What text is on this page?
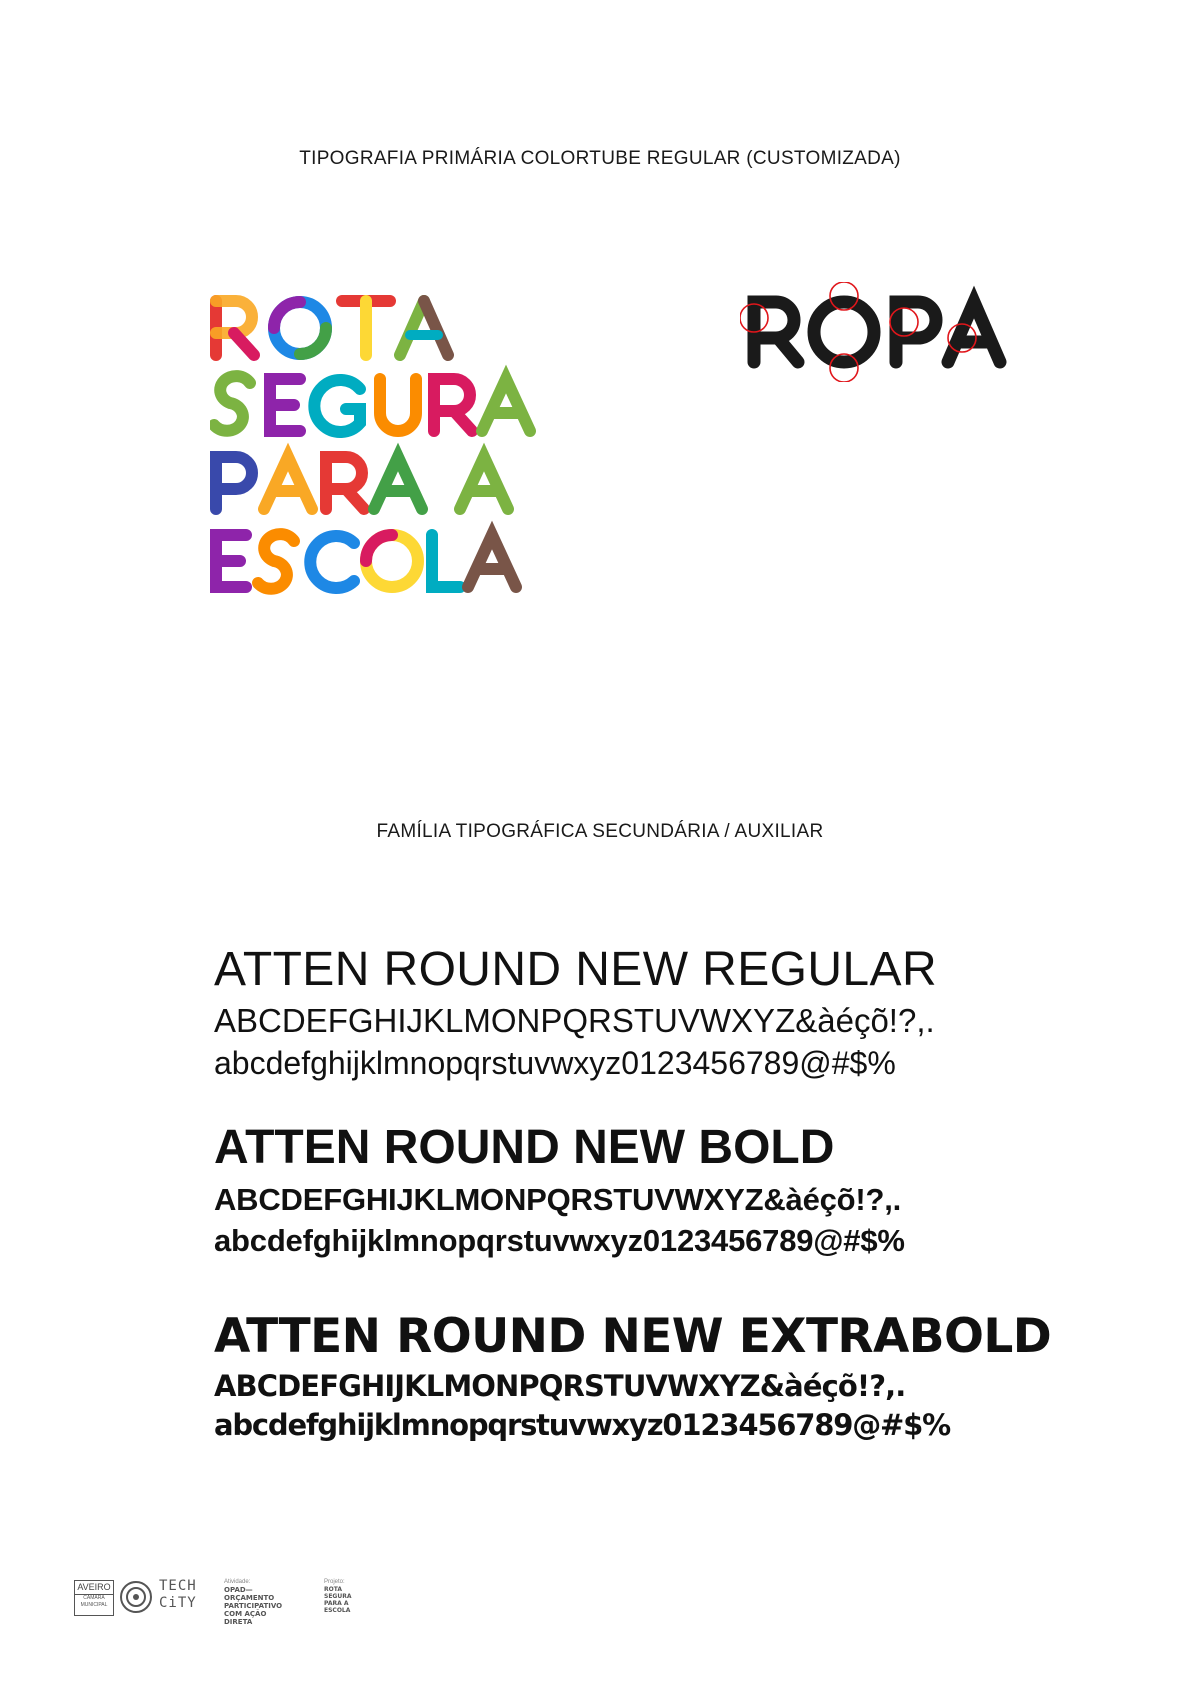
TIPOGRAFIA PRIMÁRIA COLORTUBE REGULAR (CUSTOMIZADA)
FAMÍLIA TIPOGRÁFICA SECUNDÁRIA / AUXILIAR
ATTEN ROUND NEW REGULAR
ABCDEFGHIJKLMONPQRSTUVWXYZ&àéçõ!?,.
abcdefghijklmnopqrstuvwxyz0123456789@#$%
ATTEN ROUND NEW BOLD
ABCDEFGHIJKLMONPQRSTUVWXYZ&àéçõ!?,.
abcdefghijklmnopqrstuvwxyz0123456789@#$%
ATTEN ROUND NEW EXTRABOLD
ABCDEFGHIJKLMONPQRSTUVWXYZ&àéçõ!?,.
abcdefghijklmnopqrstuvwxyz0123456789@#$%
AVEIRO
CÂMARA MUNICIPAL
TECH
CiTY
Atividade:
OPAD—ORÇAMENTO
PARTICIPATIVO
COM AÇÃO DIRETA
Projeto:
ROTA
SEGURA
PARA A
ESCOLA
